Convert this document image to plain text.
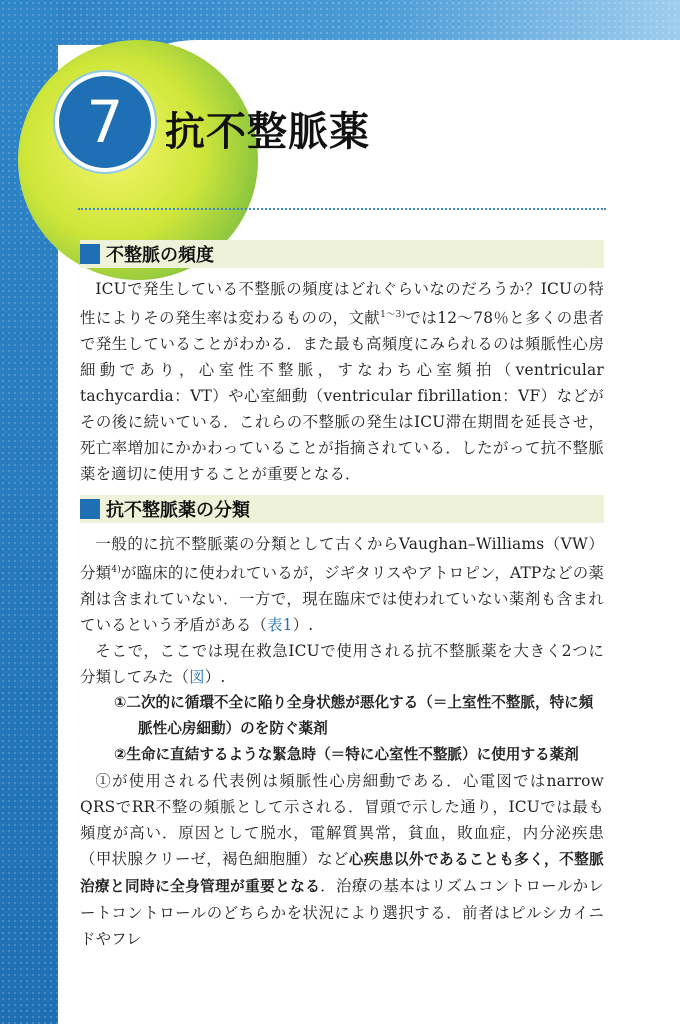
7 抗不整脈薬
不整脈の頻度

ICUで発生している不整脈の頻度はどれぐらいなのだろうか？ICUの特性によりその発生率は変わるものの，文献$^{1\sim 3)}$では12～78％と多くの患者で発生していることがわかる．また最も高頻度にみられるのは頻脈性心房細動であり，心室性不整脈，すなわち心室頻拍（ventricular tachycardia：VT）や心室細動（ventricular fibrillation：VF）などがその後に続いている．これらの不整脈の発生はICU滞在期間を延長させ，死亡率増加にかかわっていることが指摘されている．したがって抗不整脈薬を適切に使用することが重要となる．

抗不整脈薬の分類

一般的に抗不整脈薬の分類として古くからVaughan–Williams（VW）分類$^{4)}$が臨床的に使われているが，ジギタリスやアトロピン，ATPなどの薬剤は含まれていない．一方で，現在臨床では使われていない薬剤も含まれているという矛盾がある（表1）.

そこで，ここでは現在救急ICUで使用される抗不整脈薬を大きく2つに分類してみた（図）.

①二次的に循環不全に陥り全身状態が悪化する（＝上室性不整脈，特に頻脈性心房細動）のを防ぐ薬剤
②生命に直結するような緊急時（＝特に心室性不整脈）に使用する薬剤

①が使用される代表例は頻脈性心房細動である．心電図ではnarrow QRSでRR不整の頻脈として示される．冒頭で示した通り，ICUでは最も頻度が高い．原因として脱水，電解質異常，貧血，敗血症，内分泌疾患（甲状腺クリーゼ，褐色細胞腫）など心疾患以外であることも多く，不整脈治療と同時に全身管理が重要となる．治療の基本はリズムコントロールかレートコントロールのどちらかを状況により選択する．前者はピルシカイニドやフレ
